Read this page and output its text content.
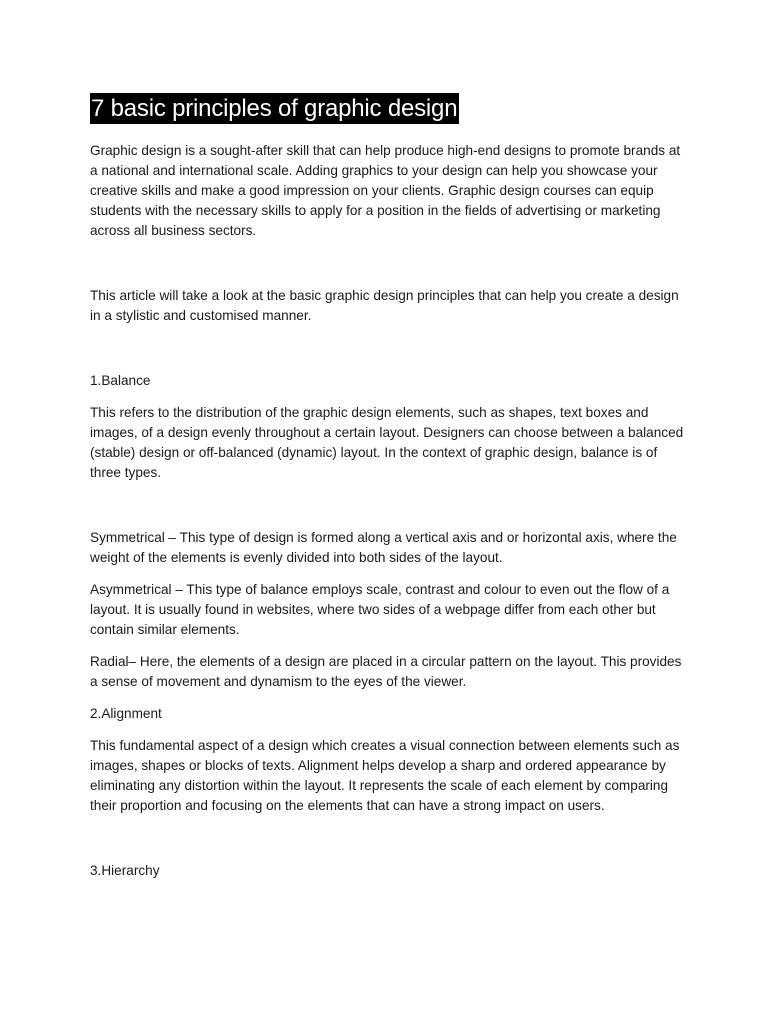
7 basic principles of graphic design

Graphic design is a sought-after skill that can help produce high-end designs to promote brands at a national and international scale. Adding graphics to your design can help you showcase your creative skills and make a good impression on your clients. Graphic design courses can equip students with the necessary skills to apply for a position in the fields of advertising or marketing across all business sectors.

This article will take a look at the basic graphic design principles that can help you create a design in a stylistic and customised manner.

1.Balance

This refers to the distribution of the graphic design elements, such as shapes, text boxes and images, of a design evenly throughout a certain layout. Designers can choose between a balanced (stable) design or off-balanced (dynamic) layout. In the context of graphic design, balance is of three types.

Symmetrical – This type of design is formed along a vertical axis and or horizontal axis, where the weight of the elements is evenly divided into both sides of the layout.

Asymmetrical – This type of balance employs scale, contrast and colour to even out the flow of a layout. It is usually found in websites, where two sides of a webpage differ from each other but contain similar elements.

Radial– Here, the elements of a design are placed in a circular pattern on the layout. This provides a sense of movement and dynamism to the eyes of the viewer.

2.Alignment

This fundamental aspect of a design which creates a visual connection between elements such as images, shapes or blocks of texts. Alignment helps develop a sharp and ordered appearance by eliminating any distortion within the layout. It represents the scale of each element by comparing their proportion and focusing on the elements that can have a strong impact on users.

3.Hierarchy
